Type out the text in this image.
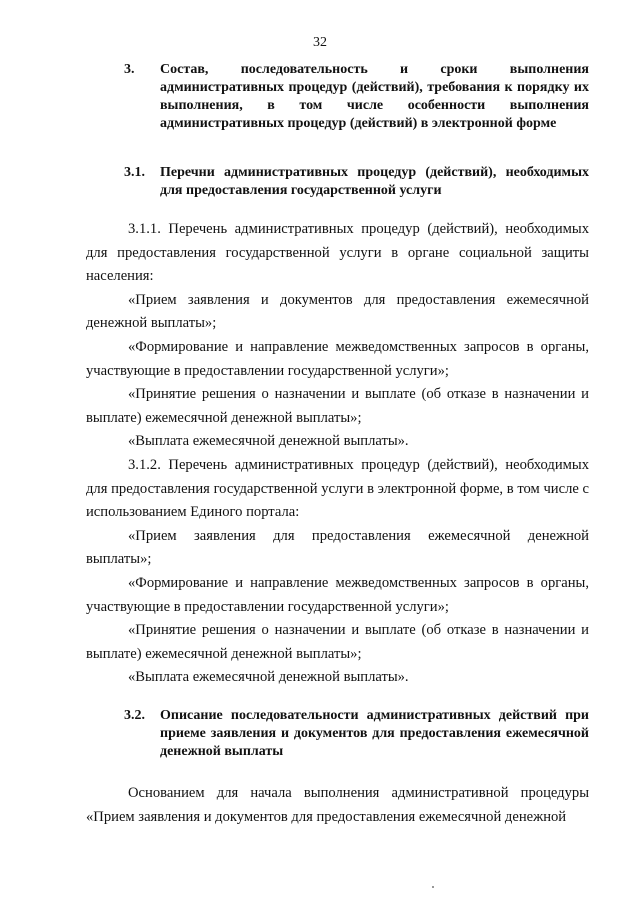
32
3. Состав, последовательность и сроки выполнения административных процедур (действий), требования к порядку их выполнения, в том числе особенности выполнения административных процедур (действий) в электронной форме
3.1. Перечни административных процедур (действий), необходимых для предоставления государственной услуги

3.1.1. Перечень административных процедур (действий), необходимых для предоставления государственной услуги в органе социальной защиты населения:

«Прием заявления и документов для предоставления ежемесячной денежной выплаты»;

«Формирование и направление межведомственных запросов в органы, участвующие в предоставлении государственной услуги»;

«Принятие решения о назначении и выплате (об отказе в назначении и выплате) ежемесячной денежной выплаты»;

«Выплата ежемесячной денежной выплаты».

3.1.2. Перечень административных процедур (действий), необходимых для предоставления государственной услуги в электронной форме, в том числе с использованием Единого портала:

«Прием заявления для предоставления ежемесячной денежной выплаты»;

«Формирование и направление межведомственных запросов в органы, участвующие в предоставлении государственной услуги»;

«Принятие решения о назначении и выплате (об отказе в назначении и выплате) ежемесячной денежной выплаты»;

«Выплата ежемесячной денежной выплаты».

3.2. Описание последовательности административных действий при приеме заявления и документов для предоставления ежемесячной денежной выплаты

Основанием для начала выполнения административной процедуры «Прием заявления и документов для предоставления ежемесячной денежной
